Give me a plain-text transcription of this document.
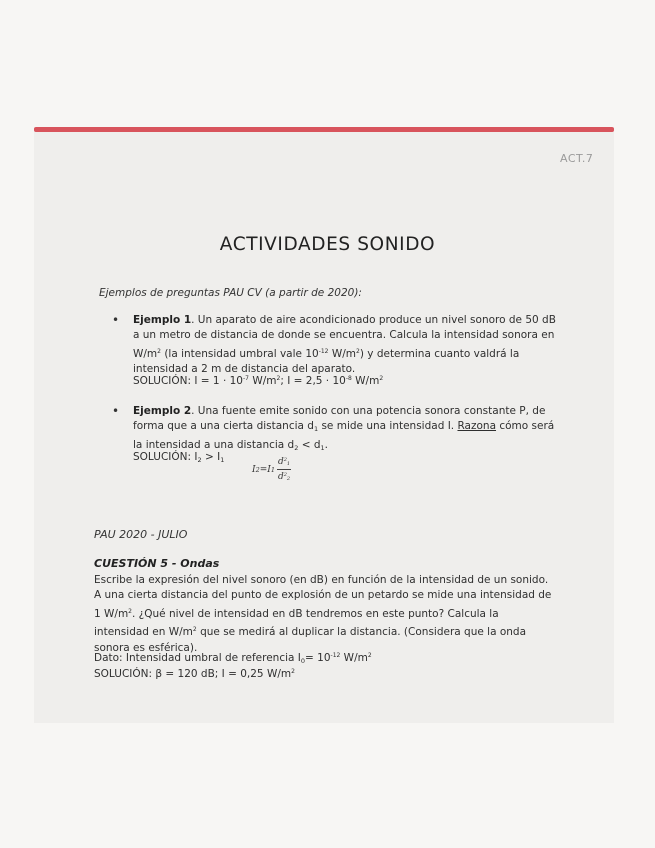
ACT.7
ACTIVIDADES SONIDO
Ejemplos de preguntas PAU CV (a partir de 2020):
• Ejemplo 1. Un aparato de aire acondicionado produce un nivel sonoro de 50 dB
a un metro de distancia de donde se encuentra. Calcula la intensidad sonora en
$W/m^2$ (la intensidad umbral vale $10^{-12}$ $W/m^2$) y determina cuanto valdrá la
intensidad a 2 m de distancia del aparato.
SOLUCIÓN: $I = 1 \cdot 10^{-7}$ $W/m^2$; $I = 2,5 \cdot 10^{-8}$ $W/m^2$
• Ejemplo 2. Una fuente emite sonido con una potencia sonora constante P, de
forma que a una cierta distancia $d_1$ se mide una intensidad I. Razona cómo será
la intensidad a una distancia $d_2 < d_1$.
SOLUCIÓN: $I_2 > I_1$
I 2 =I $1 \frac{d^2_1}{d^2_2}$
PAU 2020 - JULIO
CUESTIÓN 5 - Ondas
Escribe la expresión del nivel sonoro (en dB) en función de la intensidad de un sonido.
A una cierta distancia del punto de explosión de un petardo se mide una intensidad de
1 $W/m^2$. ¿Qué nivel de intensidad en dB tendremos en este punto? Calcula la
intensidad en $W/m^2$ que se medirá al duplicar la distancia. (Considera que la onda
sonora es esférica).
Dato: Intensidad umbral de referencia $I_0= 10^{-12}$ $W/m^2$
SOLUCIÓN: β = 120 dB; I = 0,25 $W/m^2$
